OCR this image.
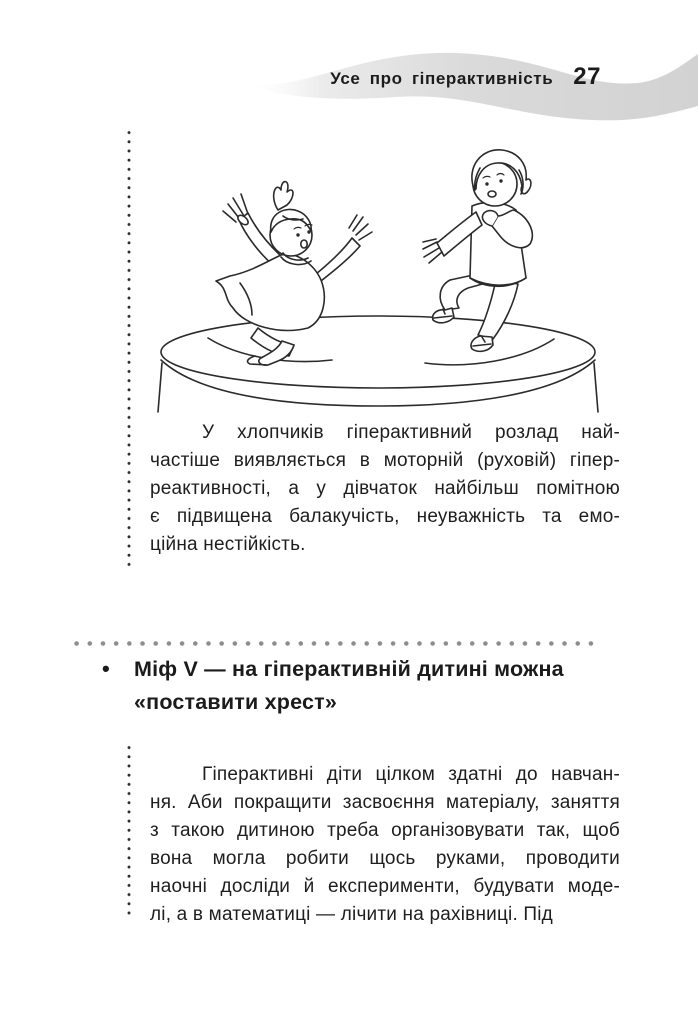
Усе про гіперактивність 27
У хлопчиків гіперактивний розлад най-
частіше виявляється в моторній (руховій) гіпер-
реактивності, а у дівчаток найбільш помітною
є підвищена балакучість, неуважність та емо-
ційна нестійкість.
• Міф V — на гіперактивній дитині можна
«поставити хрест»
Гіперактивні діти цілком здатні до навчан-
ня. Аби покращити засвоєння матеріалу, заняття
з такою дитиною треба організовувати так, щоб
вона могла робити щось руками, проводити
наочні досліди й експерименти, будувати моде-
лі, а в математиці — лічити на рахівниці. Під
